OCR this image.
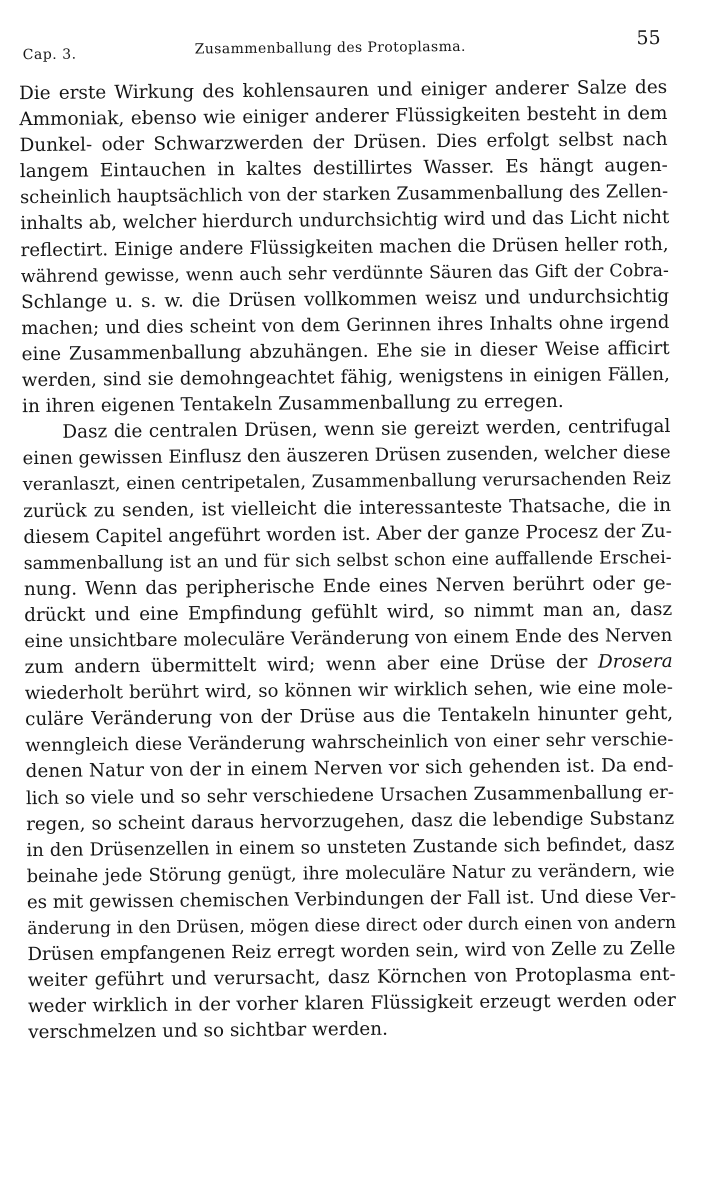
Cap. 3.	Zusammenballung des Protoplasma.	55
Die erste Wirkung des kohlensauren und einiger anderer Salze des
Ammoniak, ebenso wie einiger anderer Flüssigkeiten besteht in dem
Dunkel- oder Schwarzwerden der Drüsen. Dies erfolgt selbst nach
langem Eintauchen in kaltes destillirtes Wasser. Es hängt augen-
scheinlich hauptsächlich von der starken Zusammenballung des Zellen-
inhalts ab, welcher hierdurch undurchsichtig wird und das Licht nicht
reflectirt. Einige andere Flüssigkeiten machen die Drüsen heller roth,
während gewisse, wenn auch sehr verdünnte Säuren das Gift der Cobra-
Schlange u. s. w. die Drüsen vollkommen weisz und undurchsichtig
machen; und dies scheint von dem Gerinnen ihres Inhalts ohne irgend
eine Zusammenballung abzuhängen. Ehe sie in dieser Weise afficirt
werden, sind sie demohngeachtet fähig, wenigstens in einigen Fällen,
in ihren eigenen Tentakeln Zusammenballung zu erregen.
Dasz die centralen Drüsen, wenn sie gereizt werden, centrifugal
einen gewissen Einflusz den äuszeren Drüsen zusenden, welcher diese
veranlaszt, einen centripetalen, Zusammenballung verursachenden Reiz
zurück zu senden, ist vielleicht die interessanteste Thatsache, die in
diesem Capitel angeführt worden ist. Aber der ganze Procesz der Zu-
sammenballung ist an und für sich selbst schon eine auffallende Erschei-
nung. Wenn das peripherische Ende eines Nerven berührt oder ge-
drückt und eine Empfindung gefühlt wird, so nimmt man an, dasz
eine unsichtbare moleculäre Veränderung von einem Ende des Nerven
zum andern übermittelt wird; wenn aber eine Drüse der Drosera
wiederholt berührt wird, so können wir wirklich sehen, wie eine mole-
culäre Veränderung von der Drüse aus die Tentakeln hinunter geht,
wenngleich diese Veränderung wahrscheinlich von einer sehr verschie-
denen Natur von der in einem Nerven vor sich gehenden ist. Da end-
lich so viele und so sehr verschiedene Ursachen Zusammenballung er-
regen, so scheint daraus hervorzugehen, dasz die lebendige Substanz
in den Drüsenzellen in einem so unsteten Zustande sich befindet, dasz
beinahe jede Störung genügt, ihre moleculäre Natur zu verändern, wie
es mit gewissen chemischen Verbindungen der Fall ist. Und diese Ver-
änderung in den Drüsen, mögen diese direct oder durch einen von andern
Drüsen empfangenen Reiz erregt worden sein, wird von Zelle zu Zelle
weiter geführt und verursacht, dasz Körnchen von Protoplasma ent-
weder wirklich in der vorher klaren Flüssigkeit erzeugt werden oder
verschmelzen und so sichtbar werden.
